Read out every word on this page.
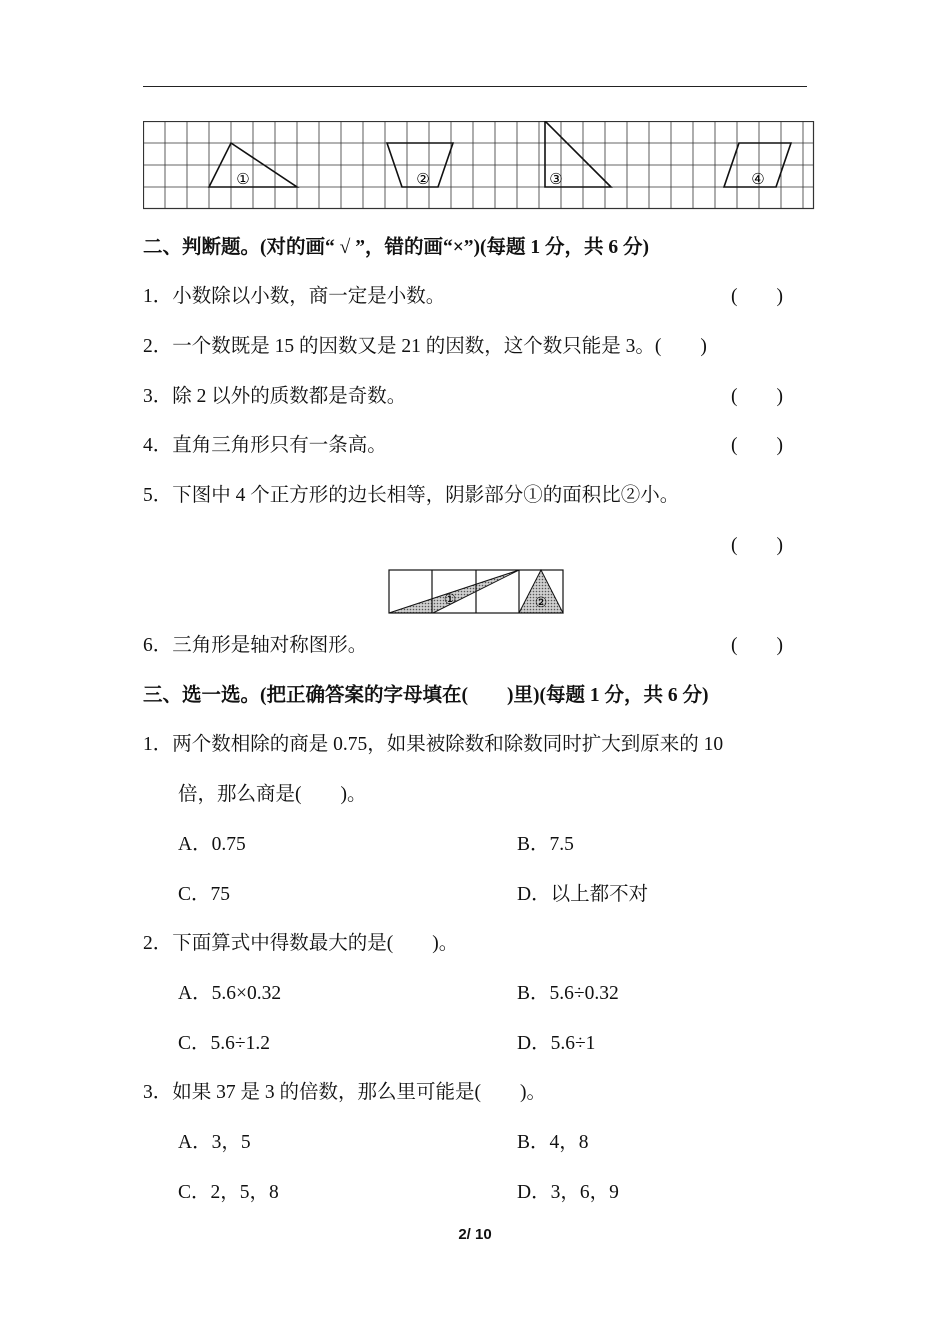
①	②	③	④
二、判断题。(对的画“ √ ”，错的画“×”)(每题 1 分，共 6 分)
1．小数除以小数，商一定是小数。	(　　)
2．一个数既是 15 的因数又是 21 的因数，这个数只能是 3。(　　)
3．除 2 以外的质数都是奇数。	(　　)
4．直角三角形只有一条高。	(　　)
5．下图中 4 个正方形的边长相等，阴影部分①的面积比②小。
(　　)
①	②
6．三角形是轴对称图形。	(　　)
三、选一选。(把正确答案的字母填在(　　)里)(每题 1 分，共 6 分)
1．两个数相除的商是 0.75，如果被除数和除数同时扩大到原来的 10
倍，那么商是(　　)。
A．0.75	B．7.5
C．75	D．以上都不对
2．下面算式中得数最大的是(　　)。
A．5.6×0.32	B．5.6÷0.32
C．5.6÷1.2	D．5.6÷1
3．如果 37 是 3 的倍数，那么里可能是(　　)。
A．3，5	B．4，8
C．2，5，8	D．3，6，9
2/ 10
